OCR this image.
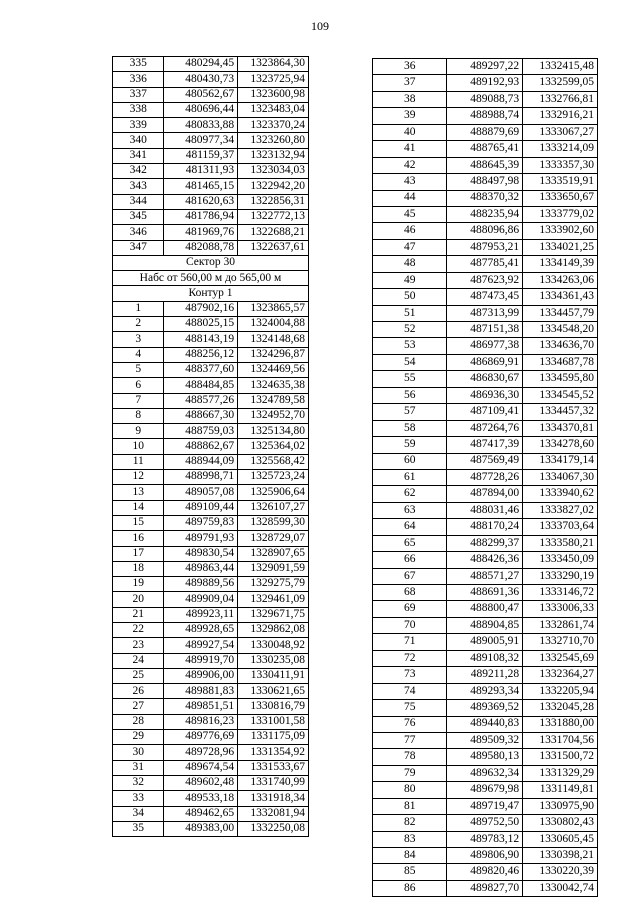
109
335	480294,45	1323864,30
336	480430,73	1323725,94
337	480562,67	1323600,98
338	480696,44	1323483,04
339	480833,88	1323370,24
340	480977,34	1323260,80
341	481159,37	1323132,94
342	481311,93	1323034,03
343	481465,15	1322942,20
344	481620,63	1322856,31
345	481786,94	1322772,13
346	481969,76	1322688,21
347	482088,78	1322637,61
Сектор 30		
Набс от 560,00 м до 565,00 м		
Контур 1		
1	487902,16	1323865,57
2	488025,15	1324004,88
3	488143,19	1324148,68
4	488256,12	1324296,87
5	488377,60	1324469,56
6	488484,85	1324635,38
7	488577,26	1324789,58
8	488667,30	1324952,70
9	488759,03	1325134,80
10	488862,67	1325364,02
11	488944,09	1325568,42
12	488998,71	1325723,24
13	489057,08	1325906,64
14	489109,44	1326107,27
15	489759,83	1328599,30
16	489791,93	1328729,07
17	489830,54	1328907,65
18	489863,44	1329091,59
19	489889,56	1329275,79
20	489909,04	1329461,09
21	489923,11	1329671,75
22	489928,65	1329862,08
23	489927,54	1330048,92
24	489919,70	1330235,08
25	489906,00	1330411,91
26	489881,83	1330621,65
27	489851,51	1330816,79
28	489816,23	1331001,58
29	489776,69	1331175,09
30	489728,96	1331354,92
31	489674,54	1331533,67
32	489602,48	1331740,99
33	489533,18	1331918,34
34	489462,65	1332081,94
35	489383,00	1332250,08
36	489297,22	1332415,48
37	489192,93	1332599,05
38	489088,73	1332766,81
39	488988,74	1332916,21
40	488879,69	1333067,27
41	488765,41	1333214,09
42	488645,39	1333357,30
43	488497,98	1333519,91
44	488370,32	1333650,67
45	488235,94	1333779,02
46	488096,86	1333902,60
47	487953,21	1334021,25
48	487785,41	1334149,39
49	487623,92	1334263,06
50	487473,45	1334361,43
51	487313,99	1334457,79
52	487151,38	1334548,20
53	486977,38	1334636,70
54	486869,91	1334687,78
55	486830,67	1334595,80
56	486936,30	1334545,52
57	487109,41	1334457,32
58	487264,76	1334370,81
59	487417,39	1334278,60
60	487569,49	1334179,14
61	487728,26	1334067,30
62	487894,00	1333940,62
63	488031,46	1333827,02
64	488170,24	1333703,64
65	488299,37	1333580,21
66	488426,36	1333450,09
67	488571,27	1333290,19
68	488691,36	1333146,72
69	488800,47	1333006,33
70	488904,85	1332861,74
71	489005,91	1332710,70
72	489108,32	1332545,69
73	489211,28	1332364,27
74	489293,34	1332205,94
75	489369,52	1332045,28
76	489440,83	1331880,00
77	489509,32	1331704,56
78	489580,13	1331500,72
79	489632,34	1331329,29
80	489679,98	1331149,81
81	489719,47	1330975,90
82	489752,50	1330802,43
83	489783,12	1330605,45
84	489806,90	1330398,21
85	489820,46	1330220,39
86	489827,70	1330042,74
